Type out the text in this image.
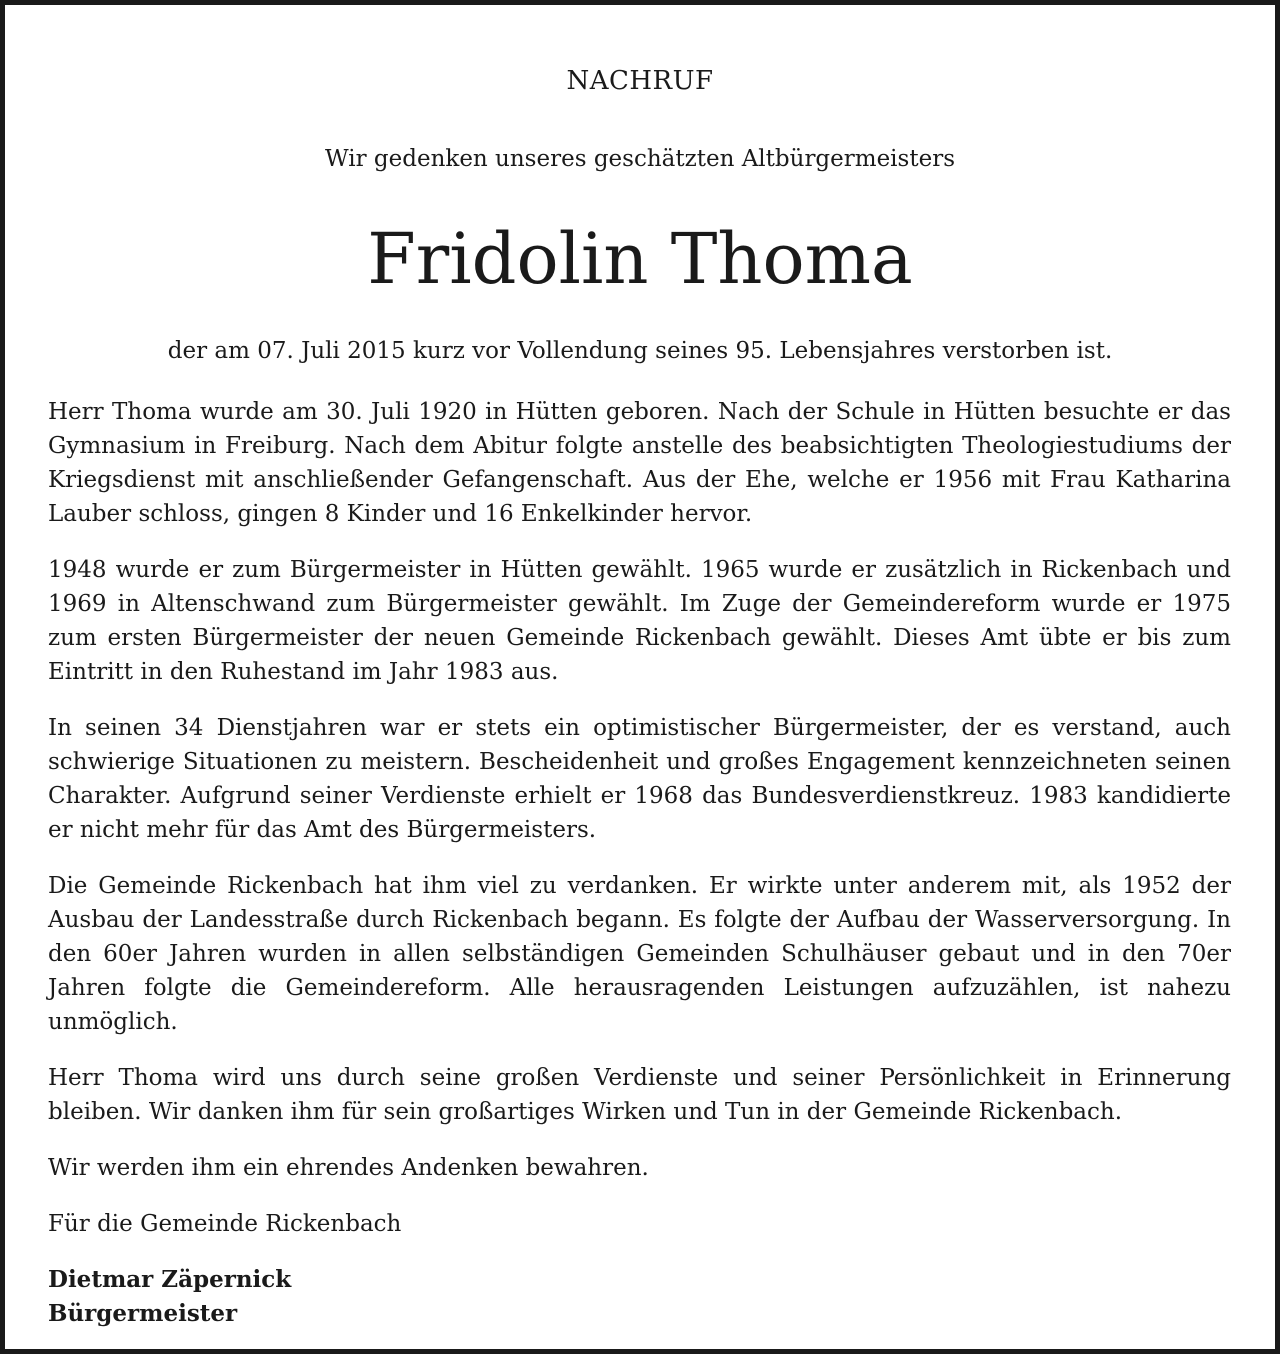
NACHRUF
Wir gedenken unseres geschätzten Altbürgermeisters
Fridolin Thoma
der am 07. Juli 2015 kurz vor Vollendung seines 95. Lebensjahres verstorben ist.

Herr Thoma wurde am 30. Juli 1920 in Hütten geboren. Nach der Schule in Hütten besuchte er das Gymnasium in Freiburg. Nach dem Abitur folgte anstelle des beabsichtigten Theologiestudiums der Kriegsdienst mit anschließender Gefangenschaft. Aus der Ehe, welche er 1956 mit Frau Katharina Lauber schloss, gingen 8 Kinder und 16 Enkelkinder hervor.

1948 wurde er zum Bürgermeister in Hütten gewählt. 1965 wurde er zusätzlich in Rickenbach und 1969 in Altenschwand zum Bürgermeister gewählt. Im Zuge der Gemeindereform wurde er 1975 zum ersten Bürgermeister der neuen Gemeinde Rickenbach gewählt. Dieses Amt übte er bis zum Eintritt in den Ruhestand im Jahr 1983 aus.

In seinen 34 Dienstjahren war er stets ein optimistischer Bürgermeister, der es verstand, auch schwierige Situationen zu meistern. Bescheidenheit und großes Engagement kennzeichneten seinen Charakter. Aufgrund seiner Verdienste erhielt er 1968 das Bundesverdienstkreuz. 1983 kandidierte er nicht mehr für das Amt des Bürgermeisters.

Die Gemeinde Rickenbach hat ihm viel zu verdanken. Er wirkte unter anderem mit, als 1952 der Ausbau der Landesstraße durch Rickenbach begann. Es folgte der Aufbau der Wasserversorgung. In den 60er Jahren wurden in allen selbständigen Gemeinden Schulhäuser gebaut und in den 70er Jahren folgte die Gemeindereform. Alle herausragenden Leistungen aufzuzählen, ist nahezu unmöglich.

Herr Thoma wird uns durch seine großen Verdienste und seiner Persönlichkeit in Erinnerung bleiben. Wir danken ihm für sein großartiges Wirken und Tun in der Gemeinde Rickenbach.

Wir werden ihm ein ehrendes Andenken bewahren.

Für die Gemeinde Rickenbach

Dietmar Zäpernick
Bürgermeister
